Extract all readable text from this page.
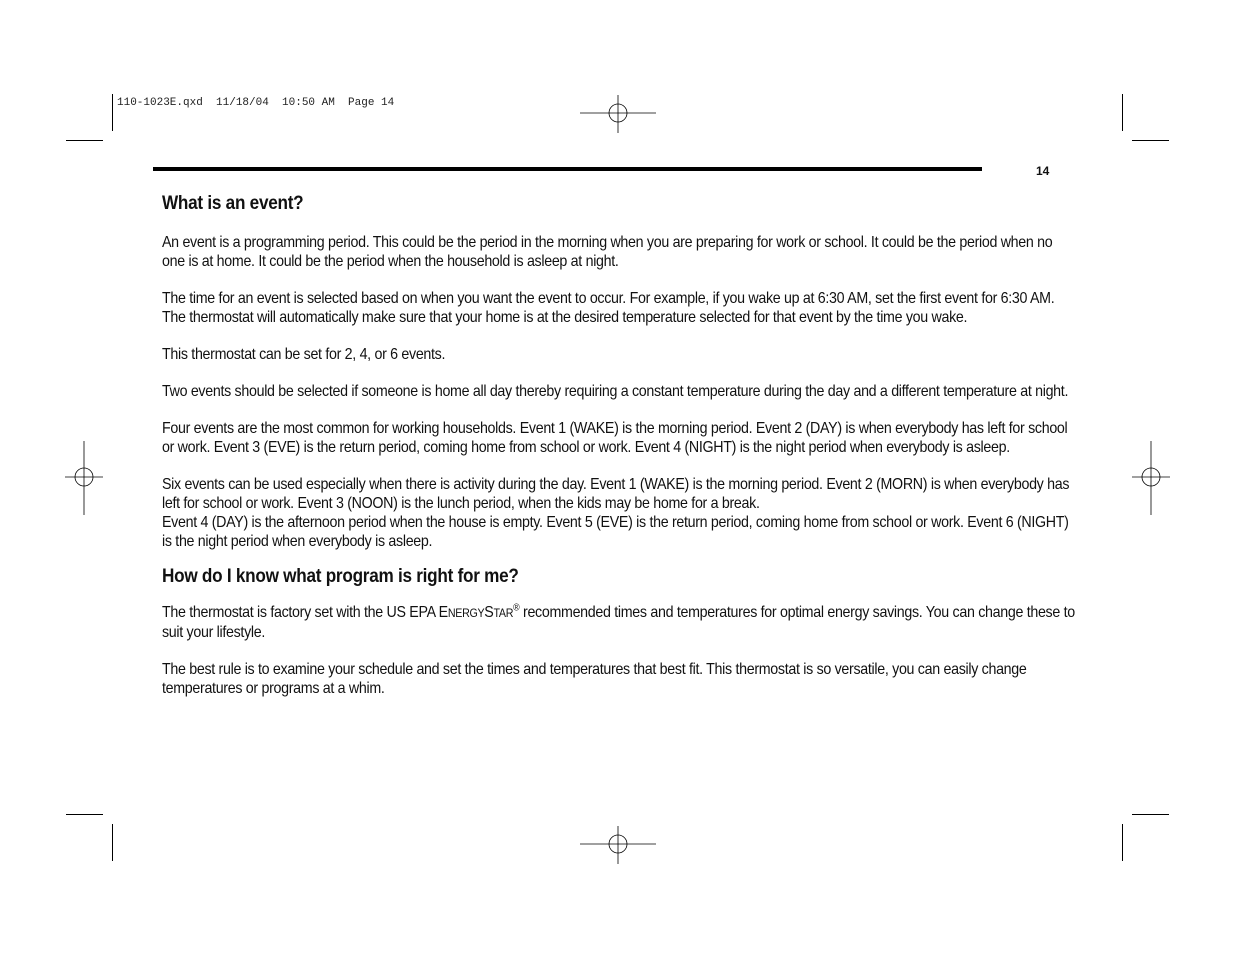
110-1023E.qxd  11/18/04  10:50 AM  Page 14
14
What is an event?

An event is a programming period. This could be the period in the morning when you are preparing for work or school. It could be the period when no one is at home. It could be the period when the household is asleep at night.

The time for an event is selected based on when you want the event to occur. For example, if you wake up at 6:30 AM, set the first event for 6:30 AM. The thermostat will automatically make sure that your home is at the desired temperature selected for that event by the time you wake.

This thermostat can be set for 2, 4, or 6 events.

Two events should be selected if someone is home all day thereby requiring a constant temperature during the day and a different temperature at night.

Four events are the most common for working households. Event 1 (WAKE) is the morning period. Event 2 (DAY) is when everybody has left for school or work. Event 3 (EVE) is the return period, coming home from school or work. Event 4 (NIGHT) is the night period when everybody is asleep.

Six events can be used especially when there is activity during the day. Event 1 (WAKE) is the morning period. Event 2 (MORN) is when everybody has left for school or work. Event 3 (NOON) is the lunch period, when the kids may be home for a break.
Event 4 (DAY) is the afternoon period when the house is empty. Event 5 (EVE) is the return period, coming home from school or work. Event 6 (NIGHT) is the night period when everybody is asleep.

How do I know what program is right for me?

The thermostat is factory set with the US EPA ENERGYSTAR® recommended times and temperatures for optimal energy savings. You can change these to suit your lifestyle.

The best rule is to examine your schedule and set the times and temperatures that best fit. This thermostat is so versatile, you can easily change temperatures or programs at a whim.
